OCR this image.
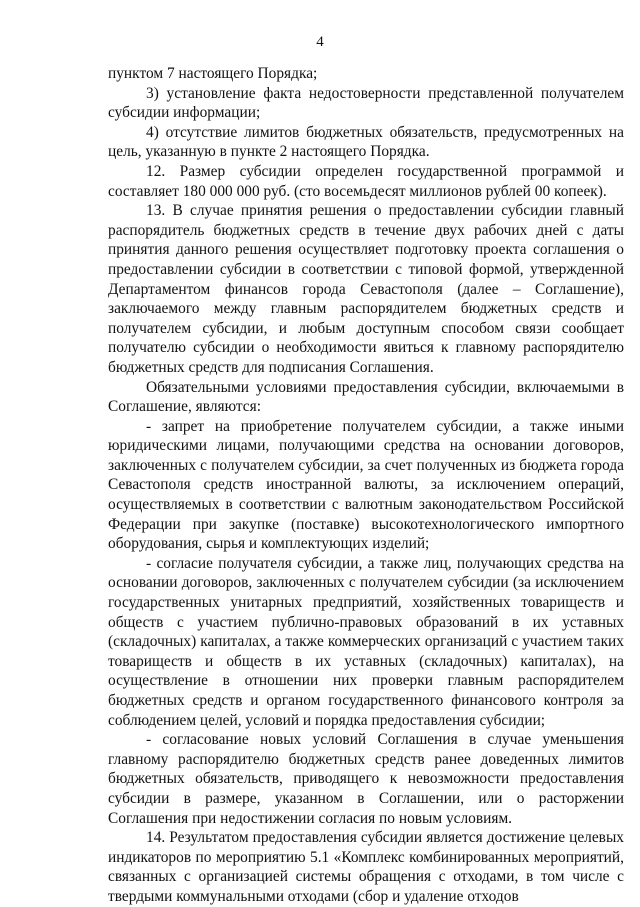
4

пунктом 7 настоящего Порядка;

3) установление факта недостоверности представленной получателем субсидии информации;

4) отсутствие лимитов бюджетных обязательств, предусмотренных на цель, указанную в пункте 2 настоящего Порядка.

12. Размер субсидии определен государственной программой и составляет 180 000 000 руб. (сто восемьдесят миллионов рублей 00 копеек).

13. В случае принятия решения о предоставлении субсидии главный распорядитель бюджетных средств в течение двух рабочих дней с даты принятия данного решения осуществляет подготовку проекта соглашения о предоставлении субсидии в соответствии с типовой формой, утвержденной Департаментом финансов города Севастополя (далее – Соглашение), заключаемого между главным распорядителем бюджетных средств и получателем субсидии, и любым доступным способом связи сообщает получателю субсидии о необходимости явиться к главному распорядителю бюджетных средств для подписания Соглашения.

Обязательными условиями предоставления субсидии, включаемыми в Соглашение, являются:

- запрет на приобретение получателем субсидии, а также иными юридическими лицами, получающими средства на основании договоров, заключенных с получателем субсидии, за счет полученных из бюджета города Севастополя средств иностранной валюты, за исключением операций, осуществляемых в соответствии с валютным законодательством Российской Федерации при закупке (поставке) высокотехнологического импортного оборудования, сырья и комплектующих изделий;

- согласие получателя субсидии, а также лиц, получающих средства на основании договоров, заключенных с получателем субсидии (за исключением государственных унитарных предприятий, хозяйственных товариществ и обществ с участием публично-правовых образований в их уставных (складочных) капиталах, а также коммерческих организаций с участием таких товариществ и обществ в их уставных (складочных) капиталах), на осуществление в отношении них проверки главным распорядителем бюджетных средств и органом государственного финансового контроля за соблюдением целей, условий и порядка предоставления субсидии;

- согласование новых условий Соглашения в случае уменьшения главному распорядителю бюджетных средств ранее доведенных лимитов бюджетных обязательств, приводящего к невозможности предоставления субсидии в размере, указанном в Соглашении, или о расторжении Соглашения при недостижении согласия по новым условиям.

14. Результатом предоставления субсидии является достижение целевых индикаторов по мероприятию 5.1 «Комплекс комбинированных мероприятий, связанных с организацией системы обращения с отходами, в том числе с твердыми коммунальными отходами (сбор и удаление отходов
